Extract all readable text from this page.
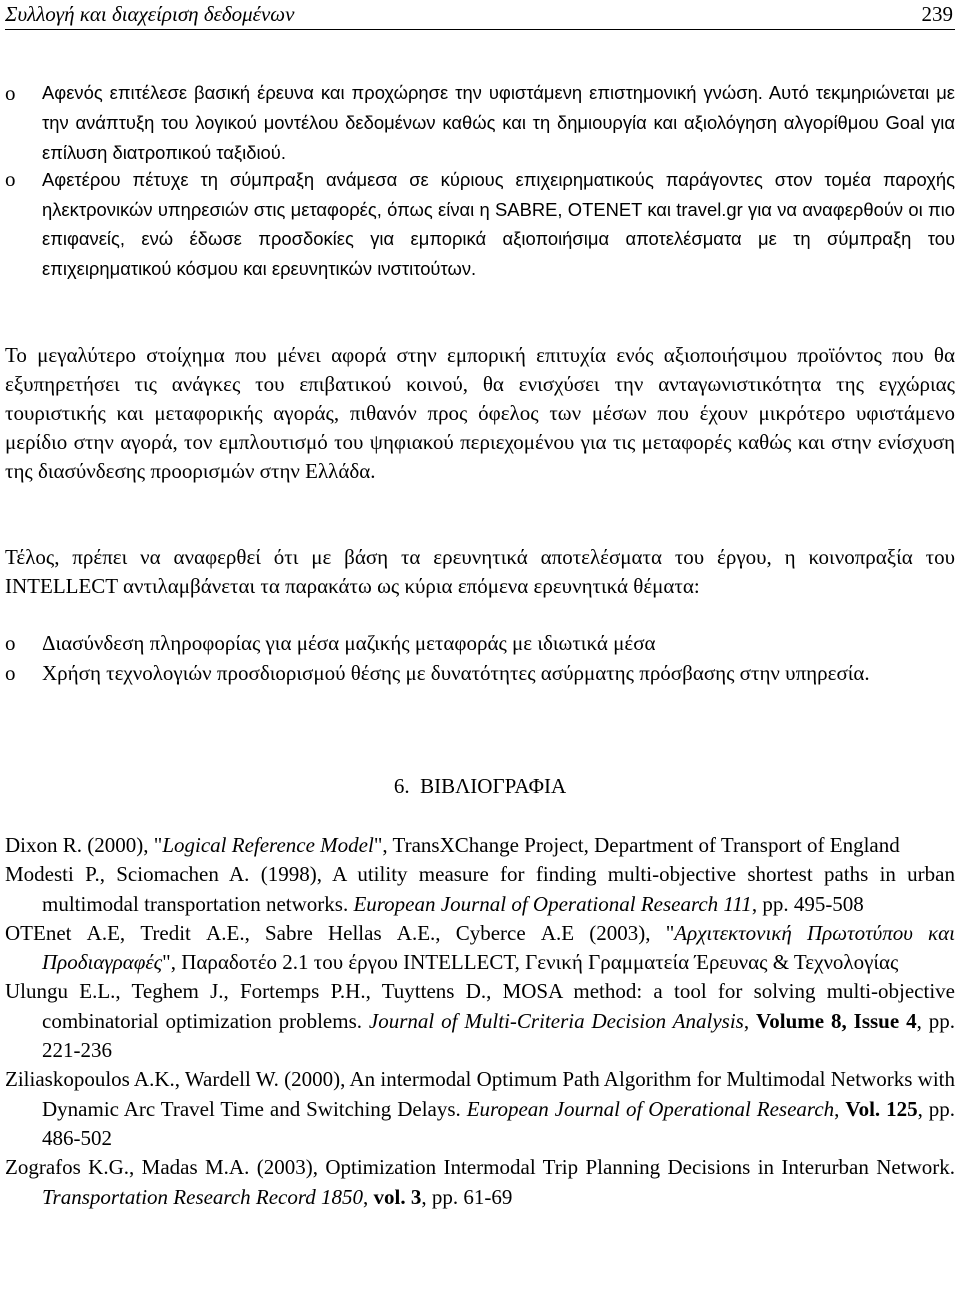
Συλλογή και διαχείριση δεδομένων	239
o Αφενός επιτέλεσε βασική έρευνα και προχώρησε την υφιστάμενη επιστημονική γνώση. Αυτό τεκμηριώνεται με την ανάπτυξη του λογικού μοντέλου δεδομένων καθώς και τη δημιουργία και αξιολόγηση αλγορίθμου Goal για επίλυση διατροπικού ταξιδιού.
o Αφετέρου πέτυχε τη σύμπραξη ανάμεσα σε κύριους επιχειρηματικούς παράγοντες στον τομέα παροχής ηλεκτρονικών υπηρεσιών στις μεταφορές, όπως είναι η SABRE, ΟΤΕΝΕΤ και travel.gr για να αναφερθούν οι πιο επιφανείς, ενώ έδωσε προσδοκίες για εμπορικά αξιοποιήσιμα αποτελέσματα με τη σύμπραξη του επιχειρηματικού κόσμου και ερευνητικών ινστιτούτων.
Το μεγαλύτερο στοίχημα που μένει αφορά στην εμπορική επιτυχία ενός αξιοποιήσιμου προϊόντος που θα εξυπηρετήσει τις ανάγκες του επιβατικού κοινού, θα ενισχύσει την ανταγωνιστικότητα της εγχώριας τουριστικής και μεταφορικής αγοράς, πιθανόν προς όφελος των μέσων που έχουν μικρότερο υφιστάμενο μερίδιο στην αγορά, τον εμπλουτισμό του ψηφιακού περιεχομένου για τις μεταφορές καθώς και στην ενίσχυση της διασύνδεσης προορισμών στην Ελλάδα.
Τέλος, πρέπει να αναφερθεί ότι με βάση τα ερευνητικά αποτελέσματα του έργου, η κοινοπραξία του INTELLECT αντιλαμβάνεται τα παρακάτω ως κύρια επόμενα ερευνητικά θέματα:
o Διασύνδεση πληροφορίας για μέσα μαζικής μεταφοράς με ιδιωτικά μέσα
o Χρήση τεχνολογιών προσδιορισμού θέσης με δυνατότητες ασύρματης πρόσβασης στην υπηρεσία.
6. ΒΙΒΛΙΟΓΡΑΦΙΑ
Dixon R. (2000), "Logical Reference Model", TransXChange Project, Department of Transport of England
Modesti P., Sciomachen A. (1998), A utility measure for finding multi-objective shortest paths in urban multimodal transportation networks. European Journal of Operational Research 111, pp. 495-508
ΟΤΕnet Α.Ε, Tredit Α.Ε., Sabre Hellas Α.Ε., Cyberce Α.Ε (2003), "Αρχιτεκτονική Πρωτοτύπου και Προδιαγραφές", Παραδοτέο 2.1 του έργου INTELLECT, Γενική Γραμματεία Έρευνας & Τεχνολογίας
Ulungu E.L., Teghem J., Fortemps P.H., Tuyttens D., MOSA method: a tool for solving multi-objective combinatorial optimization problems. Journal of Multi-Criteria Decision Analysis, Volume 8, Issue 4, pp. 221-236
Ziliaskopoulos A.K., Wardell W. (2000), An intermodal Optimum Path Algorithm for Multimodal Networks with Dynamic Arc Travel Time and Switching Delays. European Journal of Operational Research, Vol. 125, pp. 486-502
Zografos K.G., Madas M.A. (2003), Optimization Intermodal Trip Planning Decisions in Interurban Network. Transportation Research Record 1850, vol. 3, pp. 61-69
